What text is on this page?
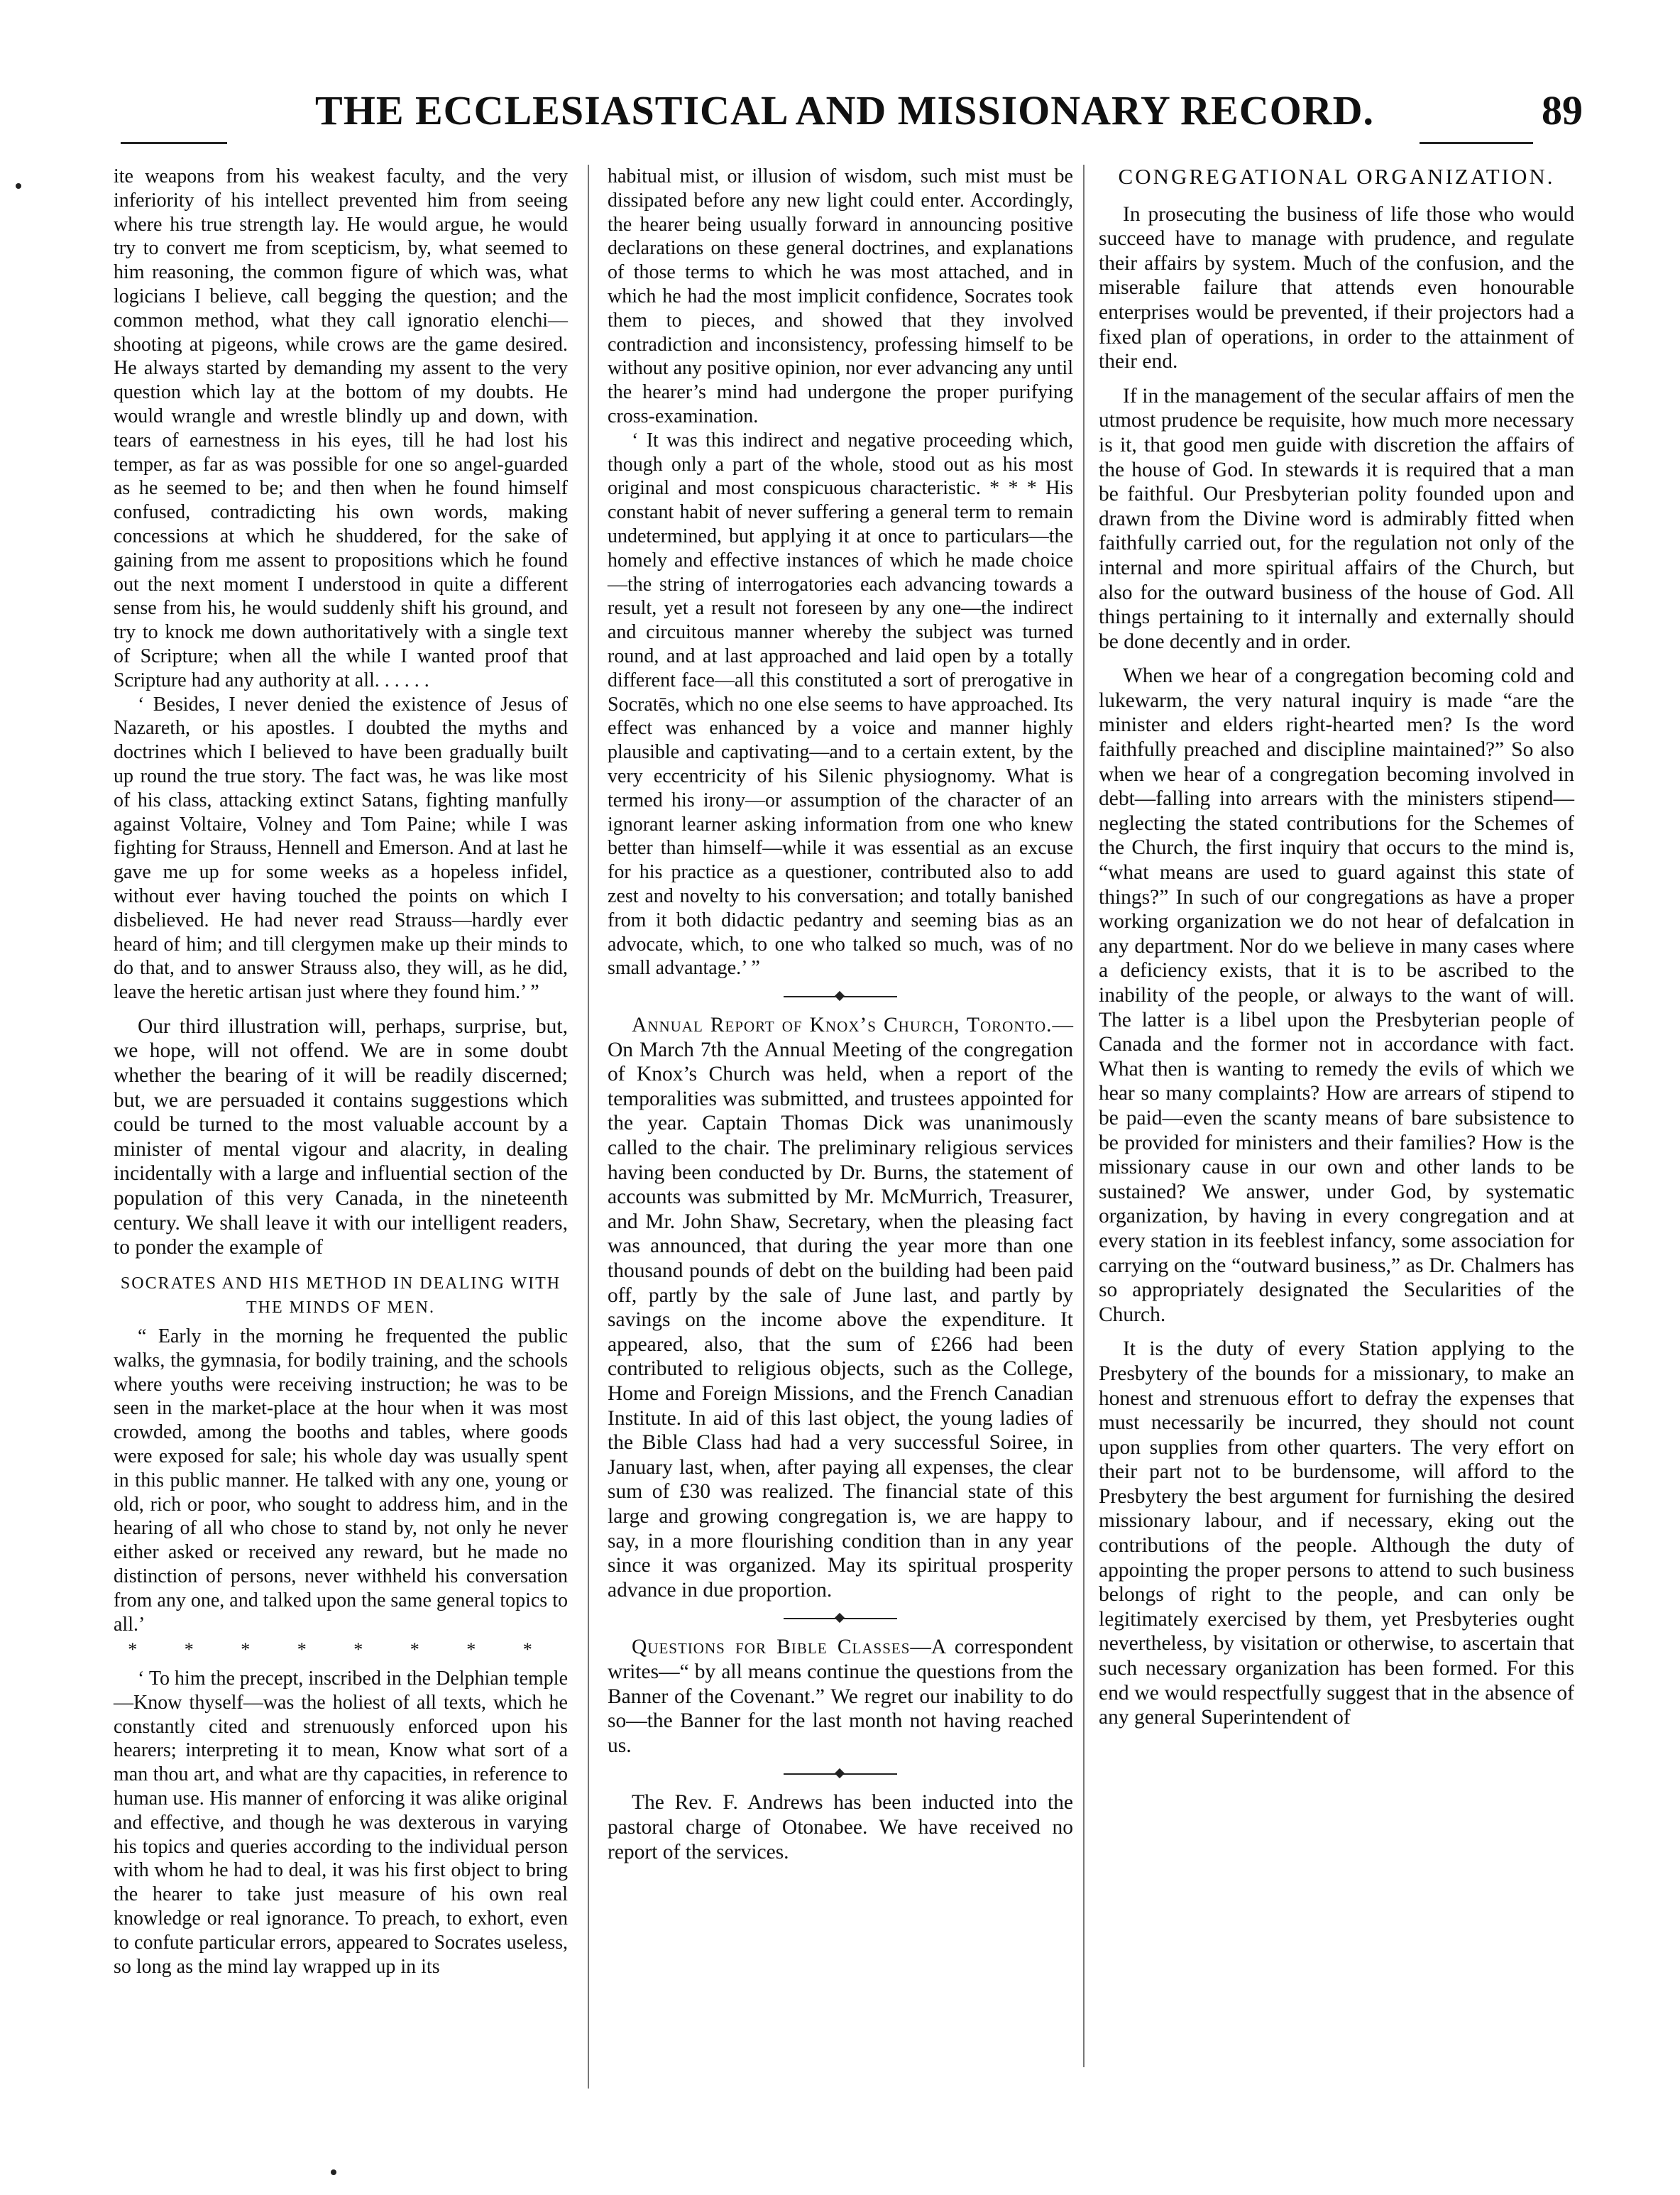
THE ECCLESIASTICAL AND MISSIONARY RECORD.	89

ite weapons from his weakest faculty, and the very inferiority of his intellect prevented him from seeing where his true strength lay. He would argue, he would try to convert me from scepticism, by, what seemed to him reasoning, the common figure of which was, what logicians I believe, call begging the question; and the common method, what they call ignoratio elenchi—shooting at pigeons, while crows are the game desired. He always started by demanding my assent to the very question which lay at the bottom of my doubts. He would wrangle and wrestle blindly up and down, with tears of earnestness in his eyes, till he had lost his temper, as far as was possible for one so angel-guarded as he seemed to be; and then when he found himself confused, contradicting his own words, making concessions at which he shuddered, for the sake of gaining from me assent to propositions which he found out the next moment I understood in quite a different sense from his, he would suddenly shift his ground, and try to knock me down authoritatively with a single text of Scripture; when all the while I wanted proof that Scripture had any authority at all. . . . . .

‘ Besides, I never denied the existence of Jesus of Nazareth, or his apostles. I doubted the myths and doctrines which I believed to have been gradually built up round the true story. The fact was, he was like most of his class, attacking extinct Satans, fighting manfully against Voltaire, Volney and Tom Paine; while I was fighting for Strauss, Hennell and Emerson. And at last he gave me up for some weeks as a hopeless infidel, without ever having touched the points on which I disbelieved. He had never read Strauss—hardly ever heard of him; and till clergymen make up their minds to do that, and to answer Strauss also, they will, as he did, leave the heretic artisan just where they found him.’ ”

Our third illustration will, perhaps, surprise, but, we hope, will not offend. We are in some doubt whether the bearing of it will be readily discerned; but, we are persuaded it contains suggestions which could be turned to the most valuable account by a minister of mental vigour and alacrity, in dealing incidentally with a large and influential section of the population of this very Canada, in the nineteenth century. We shall leave it with our intelligent readers, to ponder the example of

SOCRATES AND HIS METHOD IN DEALING WITH THE MINDS OF MEN.

“ Early in the morning he frequented the public walks, the gymnasia, for bodily training, and the schools where youths were receiving instruction; he was to be seen in the market-place at the hour when it was most crowded, among the booths and tables, where goods were exposed for sale; his whole day was usually spent in this public manner. He talked with any one, young or old, rich or poor, who sought to address him, and in the hearing of all who chose to stand by, not only he never either asked or received any reward, but he made no distinction of persons, never withheld his conversation from any one, and talked upon the same general topics to all.’

* * * * * * * *

‘ To him the precept, inscribed in the Delphian temple—Know thyself—was the holiest of all texts, which he constantly cited and strenuously enforced upon his hearers; interpreting it to mean, Know what sort of a man thou art, and what are thy capacities, in reference to human use. His manner of enforcing it was alike original and effective, and though he was dexterous in varying his topics and queries according to the individual person with whom he had to deal, it was his first object to bring the hearer to take just measure of his own real knowledge or real ignorance. To preach, to exhort, even to confute particular errors, appeared to Socrates useless, so long as the mind lay wrapped up in its

habitual mist, or illusion of wisdom, such mist must be dissipated before any new light could enter. Accordingly, the hearer being usually forward in announcing positive declarations on these general doctrines, and explanations of those terms to which he was most attached, and in which he had the most implicit confidence, Socrates took them to pieces, and showed that they involved contradiction and inconsistency, professing himself to be without any positive opinion, nor ever advancing any until the hearer’s mind had undergone the proper purifying cross-examination.

‘ It was this indirect and negative proceeding which, though only a part of the whole, stood out as his most original and most conspicuous characteristic. * * * His constant habit of never suffering a general term to remain undetermined, but applying it at once to particulars—the homely and effective instances of which he made choice—the string of interrogatories each advancing towards a result, yet a result not foreseen by any one—the indirect and circuitous manner whereby the subject was turned round, and at last approached and laid open by a totally different face—all this constituted a sort of prerogative in Socratēs, which no one else seems to have approached. Its effect was enhanced by a voice and manner highly plausible and captivating—and to a certain extent, by the very eccentricity of his Silenic physiognomy. What is termed his irony—or assumption of the character of an ignorant learner asking information from one who knew better than himself—while it was essential as an excuse for his practice as a questioner, contributed also to add zest and novelty to his conversation; and totally banished from it both didactic pedantry and seeming bias as an advocate, which, to one who talked so much, was of no small advantage.’ ”

Annual Report of Knox’s Church, Toronto.—On March 7th the Annual Meeting of the congregation of Knox’s Church was held, when a report of the temporalities was submitted, and trustees appointed for the year. Captain Thomas Dick was unanimously called to the chair. The preliminary religious services having been conducted by Dr. Burns, the statement of accounts was submitted by Mr. McMurrich, Treasurer, and Mr. John Shaw, Secretary, when the pleasing fact was announced, that during the year more than one thousand pounds of debt on the building had been paid off, partly by the sale of June last, and partly by savings on the income above the expenditure. It appeared, also, that the sum of £266 had been contributed to religious objects, such as the College, Home and Foreign Missions, and the French Canadian Institute. In aid of this last object, the young ladies of the Bible Class had had a very successful Soiree, in January last, when, after paying all expenses, the clear sum of £30 was realized. The financial state of this large and growing congregation is, we are happy to say, in a more flourishing condition than in any year since it was organized. May its spiritual prosperity advance in due proportion.

Questions for Bible Classes—A correspondent writes—“ by all means continue the questions from the Banner of the Covenant.” We regret our inability to do so—the Banner for the last month not having reached us.

The Rev. F. Andrews has been inducted into the pastoral charge of Otonabee. We have received no report of the services.

CONGREGATIONAL ORGANIZATION.

In prosecuting the business of life those who would succeed have to manage with prudence, and regulate their affairs by system. Much of the confusion, and the miserable failure that attends even honourable enterprises would be prevented, if their projectors had a fixed plan of operations, in order to the attainment of their end.

If in the management of the secular affairs of men the utmost prudence be requisite, how much more necessary is it, that good men guide with discretion the affairs of the house of God. In stewards it is required that a man be faithful. Our Presbyterian polity founded upon and drawn from the Divine word is admirably fitted when faithfully carried out, for the regulation not only of the internal and more spiritual affairs of the Church, but also for the outward business of the house of God. All things pertaining to it internally and externally should be done decently and in order.

When we hear of a congregation becoming cold and lukewarm, the very natural inquiry is made “are the minister and elders right-hearted men? Is the word faithfully preached and discipline maintained?” So also when we hear of a congregation becoming involved in debt—falling into arrears with the ministers stipend—neglecting the stated contributions for the Schemes of the Church, the first inquiry that occurs to the mind is, “what means are used to guard against this state of things?” In such of our congregations as have a proper working organization we do not hear of defalcation in any department. Nor do we believe in many cases where a deficiency exists, that it is to be ascribed to the inability of the people, or always to the want of will. The latter is a libel upon the Presbyterian people of Canada and the former not in accordance with fact. What then is wanting to remedy the evils of which we hear so many complaints? How are arrears of stipend to be paid—even the scanty means of bare subsistence to be provided for ministers and their families? How is the missionary cause in our own and other lands to be sustained? We answer, under God, by systematic organization, by having in every congregation and at every station in its feeblest infancy, some association for carrying on the “outward business,” as Dr. Chalmers has so appropriately designated the Secularities of the Church.

It is the duty of every Station applying to the Presbytery of the bounds for a missionary, to make an honest and strenuous effort to defray the expenses that must necessarily be incurred, they should not count upon supplies from other quarters. The very effort on their part not to be burdensome, will afford to the Presbytery the best argument for furnishing the desired missionary labour, and if necessary, eking out the contributions of the people. Although the duty of appointing the proper persons to attend to such business belongs of right to the people, and can only be legitimately exercised by them, yet Presbyteries ought nevertheless, by visitation or otherwise, to ascertain that such necessary organization has been formed. For this end we would respectfully suggest that in the absence of any general Superintendent of
